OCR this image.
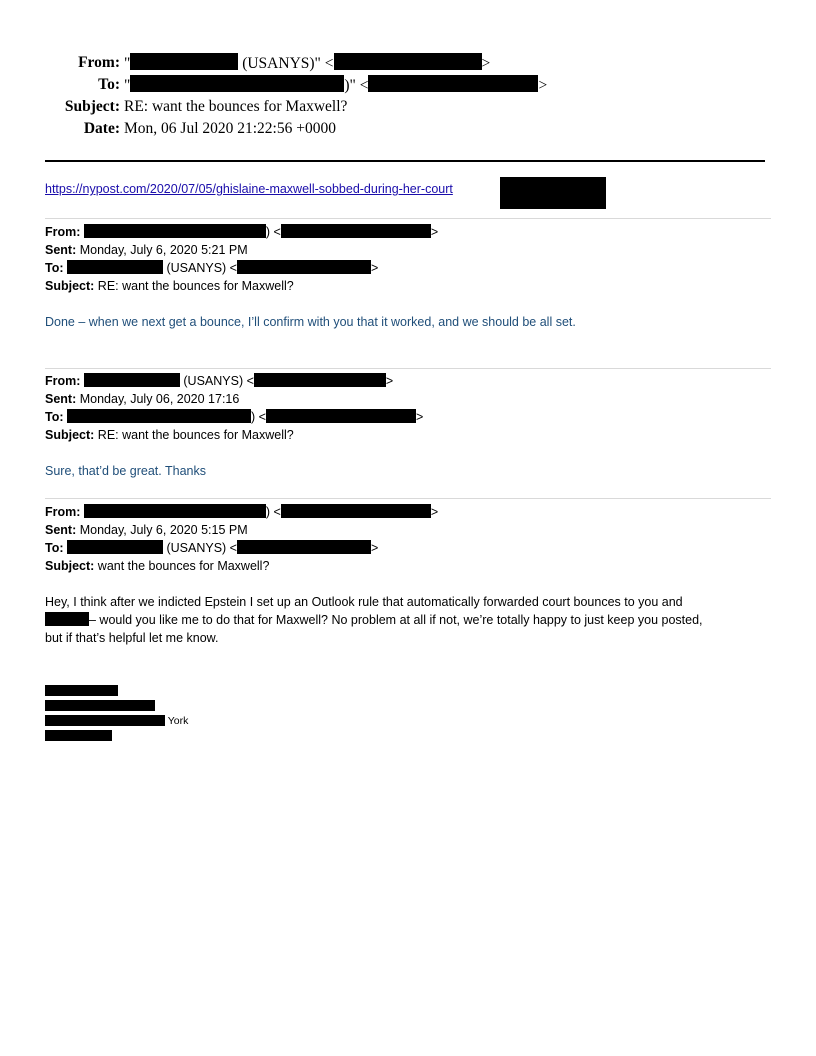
From: "	(USANYS)" <	>
To: "	)" <	>
Subject: RE: want the bounces for Maxwell?
Date: Mon, 06 Jul 2020 21:22:56 +0000
https://nypost.com/2020/07/05/ghislaine-maxwell-sobbed-during-her-court
From:	) <	>
Sent: Monday, July 6, 2020 5:21 PM
To:	(USANYS) <	>
Subject: RE: want the bounces for Maxwell?
Done – when we next get a bounce, I’ll confirm with you that it worked, and we should be all set.
From:	(USANYS) <	>
Sent: Monday, July 06, 2020 17:16
To:	) <	>
Subject: RE: want the bounces for Maxwell?
Sure, that’d be great. Thanks
From:	) <	>
Sent: Monday, July 6, 2020 5:15 PM
To:	(USANYS) <	>
Subject: want the bounces for Maxwell?
Hey, I think after we indicted Epstein I set up an Outlook rule that automatically forwarded court bounces to you and
– would you like me to do that for Maxwell? No problem at all if not, we’re totally happy to just keep you posted,
but if that’s helpful let me know.
York
